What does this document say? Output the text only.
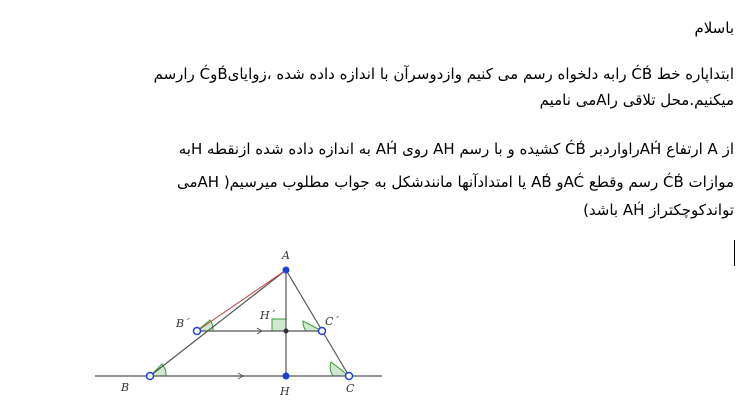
باسلام
ابتداپاره خط ĆB́ رابه دلخواه رسم می کنیم وازدوسرآن با اندازه داده شده ،زوایایB́وĆ رارسم
میکنیم.محل تلاقی راAمی نامیم
از A ارتفاع AH́راواردبر ĆB́ کشیده و با رسم AH روی AH́ به اندازه داده شده ازنقطه Hبه
موازات ĆB́ رسم وقطع AĆو AB́ یا امتدادآنها مانندشکل به جواب مطلوب میرسیم( AHمی
تواندکوچکتراز AH́ باشد)
A
B´
H´	C´
B	H	C
